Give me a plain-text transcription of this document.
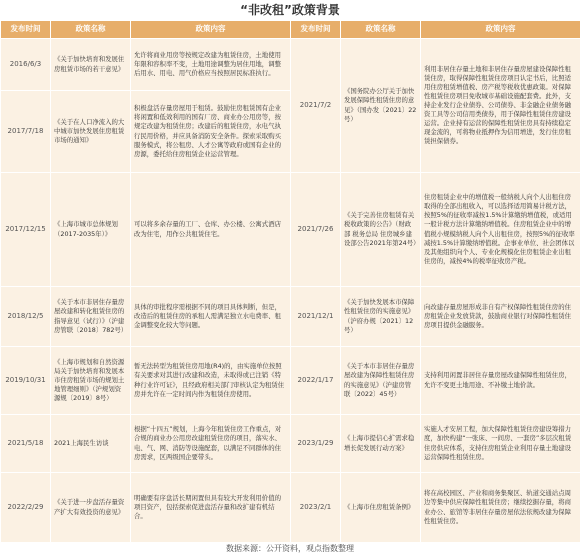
“非改租”政策背景
发布时间	政策名称	政策内容	发布时间	政策名称	政策内容
2016/6/3	《关于加快培育和发展住房租赁市场的若干意见》	允许将商业用房等按规定改建为租赁住房，土地使用年限和容积率不变，土地用途调整为居住用地，调整后用水、用电、用气价格应当按照居民标准执行。	2021/7/2	《国务院办公厅关于加快发展保障性租赁住房的意见》（国办发〔2021〕22号）	利用非居住存量土地和非居住存量房屋建设保障性租赁住房，取得保障性租赁住房项目认定书后，比照适用住房租赁增值税、房产税等税收优惠政策。对保障性租赁住房项目免收城市基础设施配套费。此外，支持企业发行企业债券、公司债券、非金融企业债务融资工具等公司信用类债券，用于保障性租赁住房建设运营。企业持有运营的保障性租赁住房具有持续稳定现金流的，可将物业抵押作为信用增进，发行住房租赁担保债券。
2017/7/18	《关于在人口净流入的大中城市加快发展住房租赁市场的通知》	积极盘活存量房屋用于租赁。鼓励住房租赁国有企业将闲置和低效利用的国有厂房、商业办公用房等，按规定改建为租赁住房；改建后的租赁住房，水电气执行民用价格，并应具备消防安全条件。探索采取购买服务模式，将公租房、人才公寓等政府或国有企业的房源，委托给住房租赁企业运营管理。			
2017/12/15	《上海市城市总体规划（2017-2035年）》	可以将多余存量的工厂、仓库、办公楼、公寓式酒店改为住宅，用作公共租赁住宅。	2021/7/26	《关于完善住房租赁有关税收政策的公告》（财政部 税务总局 住房城乡建设部公告2021年第24号）	住房租赁企业中的增值税一般纳税人向个人出租住房取得的全部出租收入，可以选择适用简易计税方法，按照5%的征收率减按1.5%计算缴纳增值税，或适用一般计税方法计算缴纳增值税。住房租赁企业中的增值税小规模纳税人向个人出租住房，按照5%的征收率减按1.5%计算缴纳增值税。企事业单位、社会团体以及其他组织向个人、专业化规模化住房租赁企业出租住房的，减按4%的税率征收房产税。
2018/12/5	《关于本市非居住存量房屋改建和转化租赁住房的指导意见（试行）》（沪建房管联〔2018〕782号）	具体的审批程序需根据不同的项目具体判断，但是，改造后的租赁住房的承租人需满足独立水电费率、租金调整变化较大等问题。	2021/12/1	《关于加快发展本市保障性租赁住房的实施意见》（沪府办规〔2021〕12号）	向改建存量房屋形成非自有产权保障性租赁住房的住房租赁企业发放贷款，鼓励商业银行对保障性租赁住房项目提供金融服务。
2019/10/31	《上海市规划和自然资源局关于加快培育和发展本市住房租赁市场的规划土地管理细则》（沪规划资源规〔2019〕8号）	暂无法转型为租赁住房用地(R4)的，由实施单位按照有关要求对其进行改建和改造，未取得或已注销《特种行业许可证》，且经政府相关部门审核认定为租赁住房并允许在一定时间内作为租赁住房使用。	2022/1/17	《关于本市非居住存量房屋改建为保障性租赁住房的实施意见》（沪建房管联〔2022〕45号）	支持利用闲置非居住存量房屋改建保障性租赁住房，允许不变更土地用途、不补缴土地价款。
2021/5/18	2021上海民生访谈	根据“十四五”规划，上海今年租赁住房工作重点，对合规的商业办公用房改建租赁住房的项目，落实水、电、气、网、消防等设施配套，以满足不同群体的住房需求，区两级国企要带头。	2023/1/29	《上海市提信心扩需求稳增长促发展行动方案》	实施人才安居工程，加大保障性租赁住房建设筹措力度，加快构建“一张床、一间房、一套房”多层次租赁住房供应体系，支持住房租赁企业利用存量土地建设运营保障性租赁住房。
2022/2/29	《关于进一步盘活存量资产扩大有效投资的意见》	明确要有序盘活长期闲置但具有较大开发利用价值的项目资产，包括探索促进盘活存量和改扩建有机结合。	2023/2/1	《上海市住房租赁条例》	将在高校园区、产业和商务集聚区、轨道交通站点周边等集中供应保障性租赁住房；继续挖掘存量，将商业办公、旅馆等非居住存量房屋依法依规改建为保障性租赁住房。
数据来源：公开资料，观点指数整理
